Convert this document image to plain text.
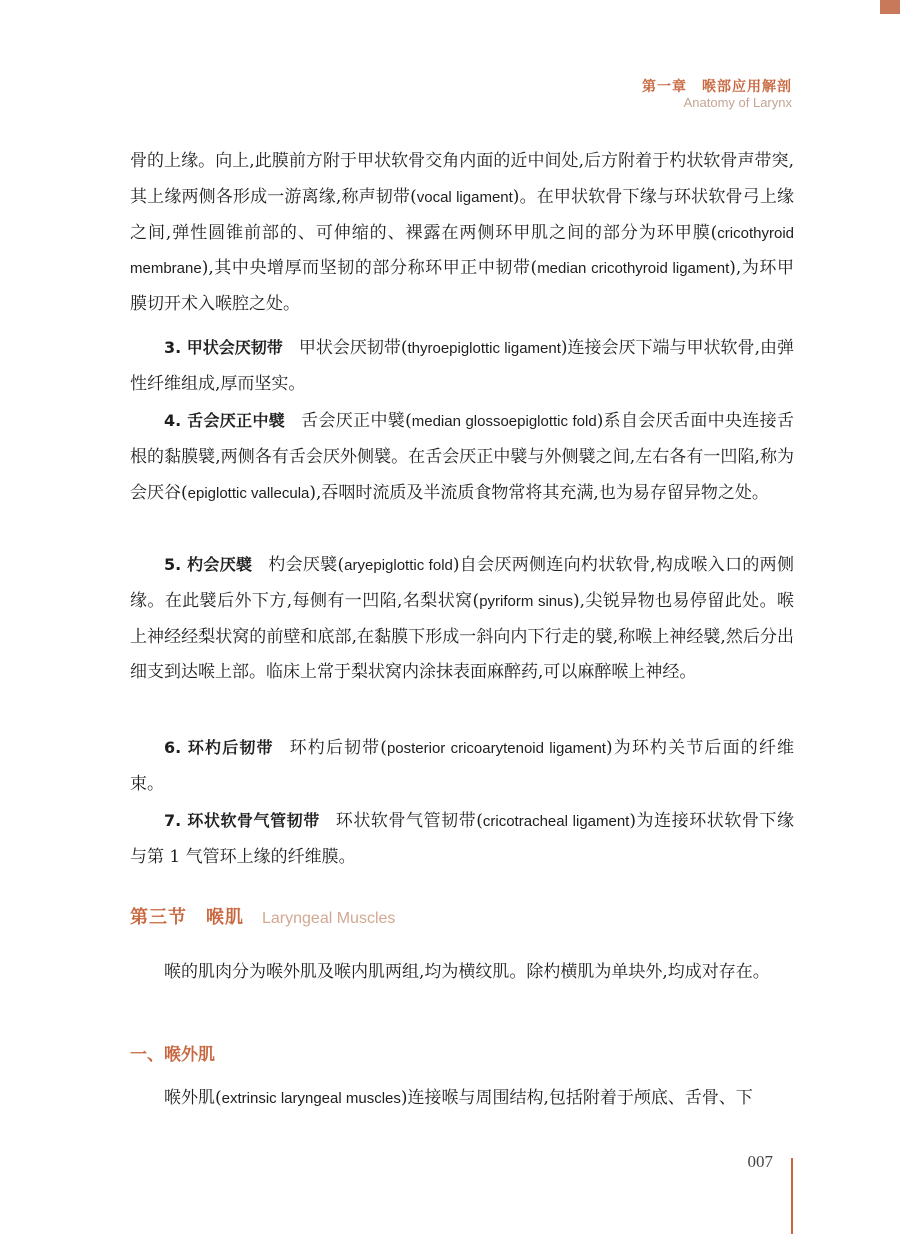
第一章　喉部应用解剖
Anatomy of Larynx

骨的上缘。向上,此膜前方附于甲状软骨交角内面的近中间处,后方附着于杓状软骨声带突,其上缘两侧各形成一游离缘,称声韧带(vocal ligament)。在甲状软骨下缘与环状软骨弓上缘之间,弹性圆锥前部的、可伸缩的、裸露在两侧环甲肌之间的部分为环甲膜(cricothyroid membrane),其中央增厚而坚韧的部分称环甲正中韧带(median cricothyroid ligament),为环甲膜切开术入喉腔之处。

3. 甲状会厌韧带 甲状会厌韧带(thyroepiglottic ligament)连接会厌下端与甲状软骨,由弹性纤维组成,厚而坚实。

4. 舌会厌正中襞 舌会厌正中襞(median glossoepiglottic fold)系自会厌舌面中央连接舌根的黏膜襞,两侧各有舌会厌外侧襞。在舌会厌正中襞与外侧襞之间,左右各有一凹陷,称为会厌谷(epiglottic vallecula),吞咽时流质及半流质食物常将其充满,也为易存留异物之处。

5. 杓会厌襞 杓会厌襞(aryepiglottic fold)自会厌两侧连向杓状软骨,构成喉入口的两侧缘。在此襞后外下方,每侧有一凹陷,名梨状窝(pyriform sinus),尖锐异物也易停留此处。喉上神经经梨状窝的前壁和底部,在黏膜下形成一斜向内下行走的襞,称喉上神经襞,然后分出细支到达喉上部。临床上常于梨状窝内涂抹表面麻醉药,可以麻醉喉上神经。

6. 环杓后韧带 环杓后韧带(posterior cricoarytenoid ligament)为环杓关节后面的纤维束。

7. 环状软骨气管韧带 环状软骨气管韧带(cricotracheal ligament)为连接环状软骨下缘与第 1 气管环上缘的纤维膜。

第三节　喉肌 Laryngeal Muscles

喉的肌肉分为喉外肌及喉内肌两组,均为横纹肌。除杓横肌为单块外,均成对存在。

一、喉外肌

喉外肌(extrinsic laryngeal muscles)连接喉与周围结构,包括附着于颅底、舌骨、下

007
